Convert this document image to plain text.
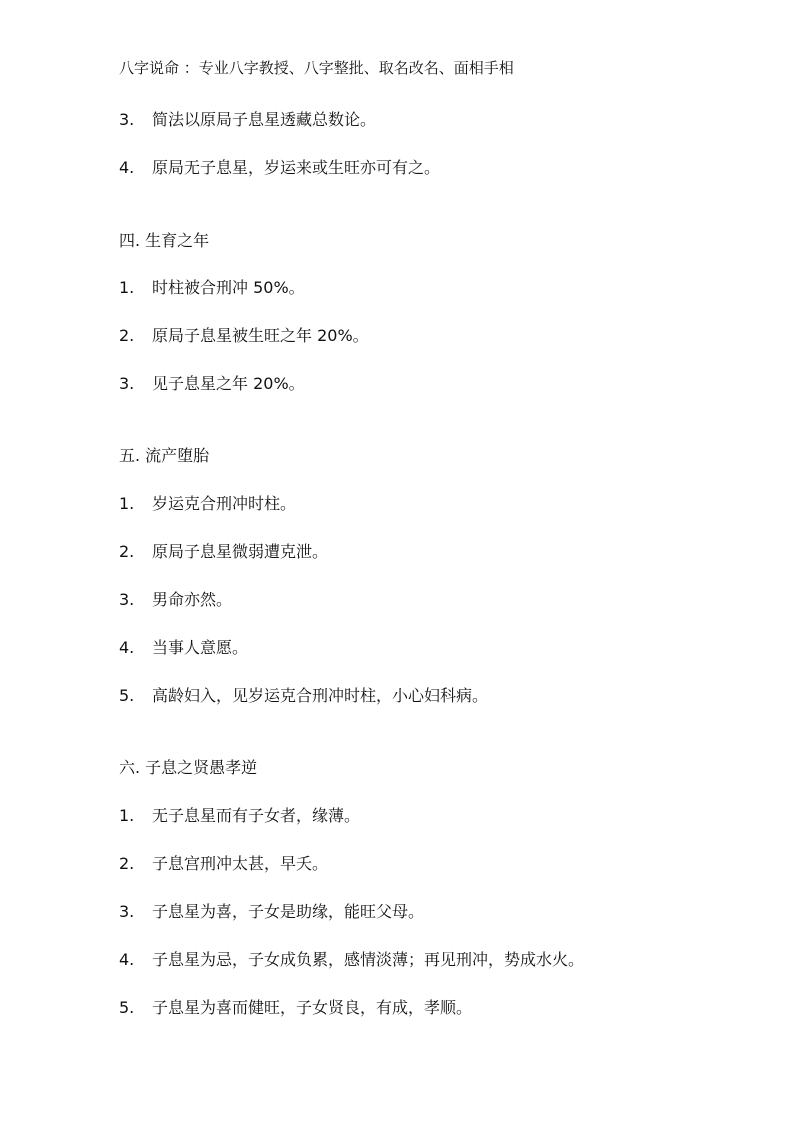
八字说命 ：专业八字教授、八字整批、取名改名、面相手相
3. 简法以原局子息星透藏总数论。
4. 原局无子息星，岁运来或生旺亦可有之。
四. 生育之年
1. 时柱被合刑冲 50%。
2. 原局子息星被生旺之年 20%。
3. 见子息星之年 20%。
五. 流产堕胎
1. 岁运克合刑冲时柱。
2. 原局子息星微弱遭克泄。
3. 男命亦然。
4. 当事人意愿。
5. 高龄妇入，见岁运克合刑冲时柱，小心妇科病。
六. 子息之贤愚孝逆
1. 无子息星而有子女者，缘薄。
2. 子息宫刑冲太甚，早夭。
3. 子息星为喜，子女是助缘，能旺父母。
4. 子息星为忌，子女成负累，感情淡薄；再见刑冲，势成水火。
5. 子息星为喜而健旺，子女贤良，有成，孝顺。
